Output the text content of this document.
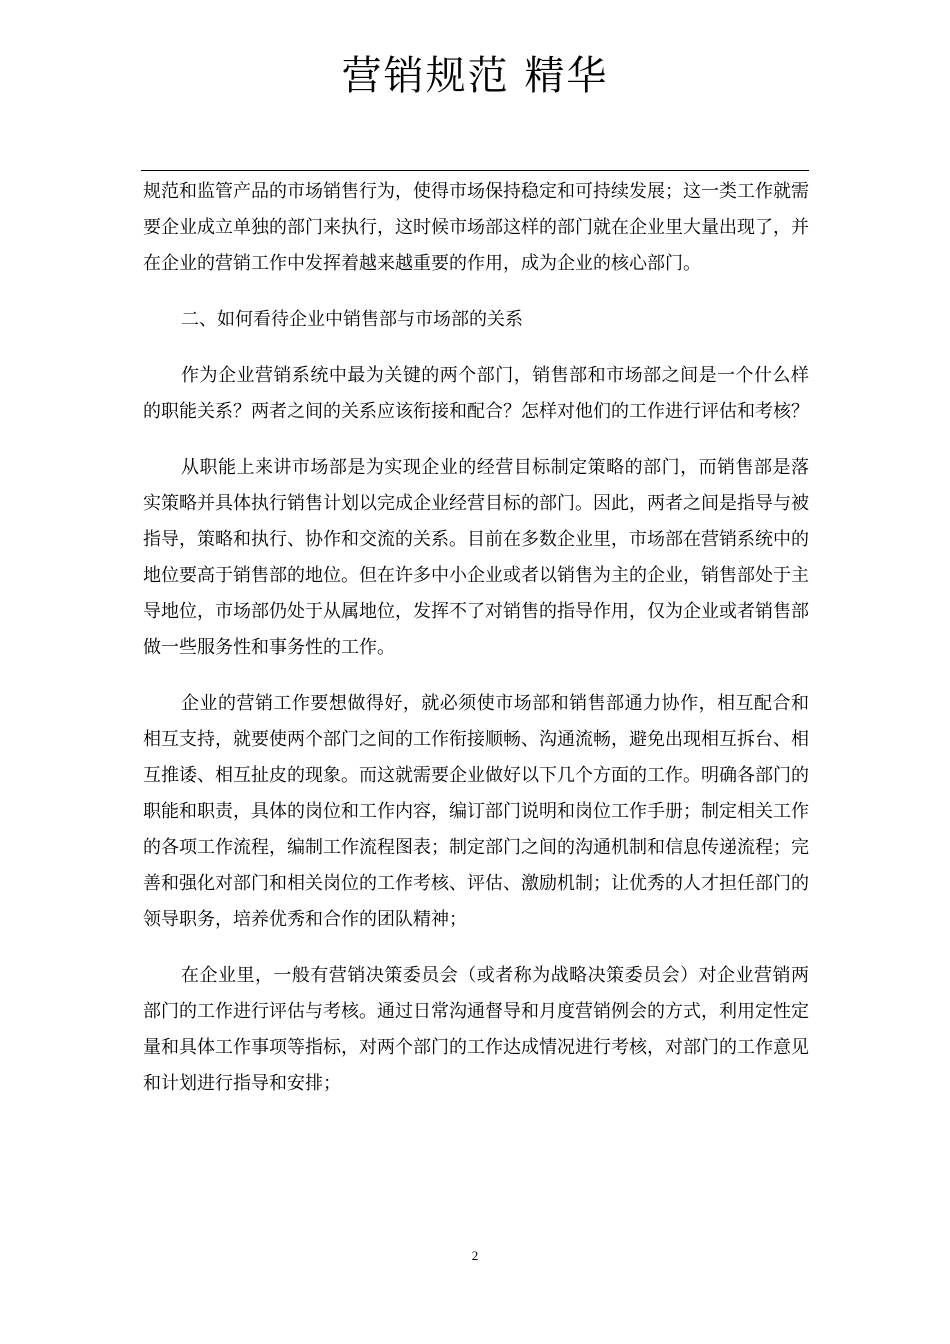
营销规范 精华

规范和监管产品的市场销售行为，使得市场保持稳定和可持续发展；这一类工作就需要企业成立单独的部门来执行，这时候市场部这样的部门就在企业里大量出现了，并在企业的营销工作中发挥着越来越重要的作用，成为企业的核心部门。

二、如何看待企业中销售部与市场部的关系

作为企业营销系统中最为关键的两个部门，销售部和市场部之间是一个什么样的职能关系？两者之间的关系应该衔接和配合？怎样对他们的工作进行评估和考核？

从职能上来讲市场部是为实现企业的经营目标制定策略的部门，而销售部是落实策略并具体执行销售计划以完成企业经营目标的部门。因此，两者之间是指导与被指导，策略和执行、协作和交流的关系。目前在多数企业里，市场部在营销系统中的地位要高于销售部的地位。但在许多中小企业或者以销售为主的企业，销售部处于主导地位，市场部仍处于从属地位，发挥不了对销售的指导作用，仅为企业或者销售部做一些服务性和事务性的工作。

企业的营销工作要想做得好，就必须使市场部和销售部通力协作，相互配合和相互支持，就要使两个部门之间的工作衔接顺畅、沟通流畅，避免出现相互拆台、相互推诿、相互扯皮的现象。而这就需要企业做好以下几个方面的工作。明确各部门的职能和职责，具体的岗位和工作内容，编订部门说明和岗位工作手册；制定相关工作的各项工作流程，编制工作流程图表；制定部门之间的沟通机制和信息传递流程；完善和强化对部门和相关岗位的工作考核、评估、激励机制；让优秀的人才担任部门的领导职务，培养优秀和合作的团队精神；

在企业里，一般有营销决策委员会（或者称为战略决策委员会）对企业营销两部门的工作进行评估与考核。通过日常沟通督导和月度营销例会的方式，利用定性定量和具体工作事项等指标，对两个部门的工作达成情况进行考核，对部门的工作意见和计划进行指导和安排；

2
